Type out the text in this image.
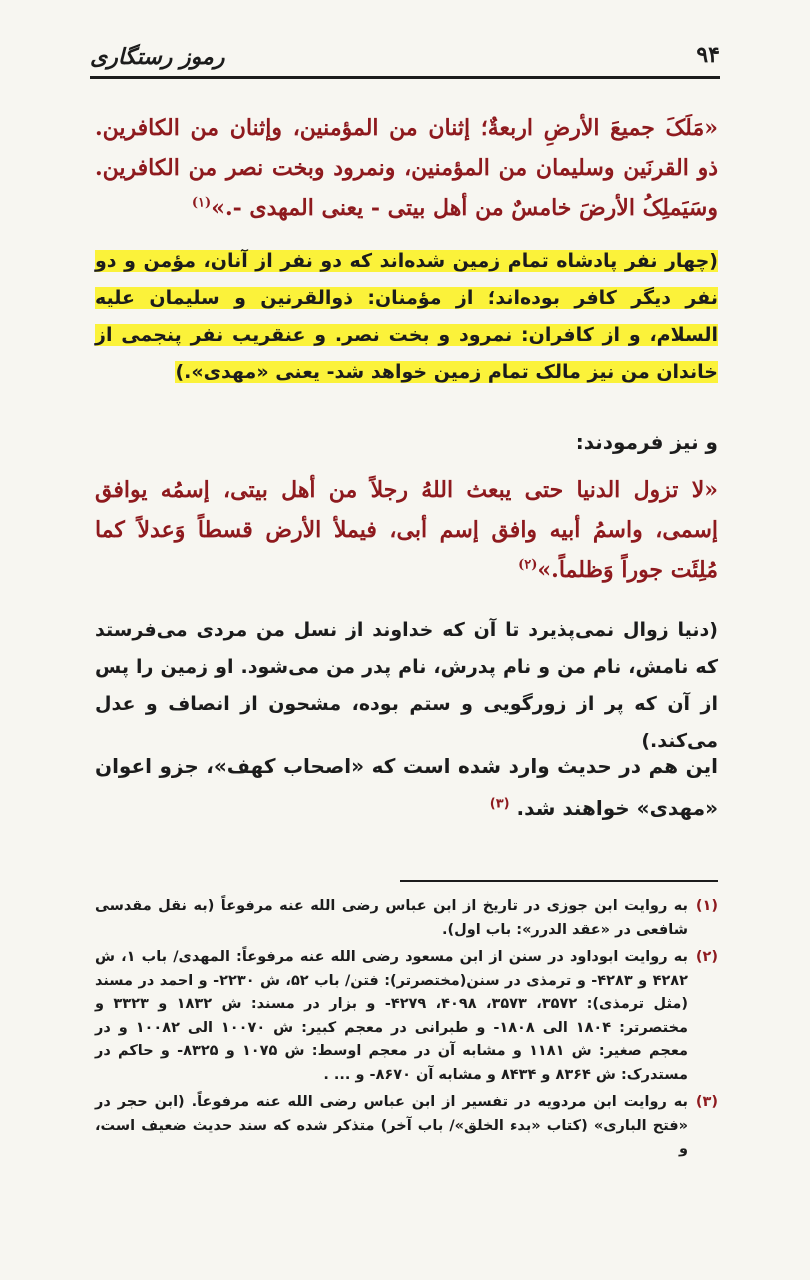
رموز رستگاری	۹۴
«مَلَکَ جمیعَ الأرضِ اربعةٌ؛ إثنان من المؤمنین، وإثنان من الکافرین. ذو القرنَین وسلیمان من المؤمنین، ونمرود وبخت نصر من الکافرین. وسَیَملِکُ الأرضَ خامسٌ من أهل بیتی - یعنی المهدی -.»$^{(۱)}$
(چهار نفر پادشاه تمام زمین شده‌اند که دو نفر از آنان، مؤمن و دو نفر دیگر کافر بوده‌اند؛ از مؤمنان: ذوالقرنین و سلیمان علیه السلام، و از کافران: نمرود و بخت نصر. و عنقریب نفر پنجمی از خاندان من نیز مالک تمام زمین خواهد شد- یعنی «مهدی».)
و نیز فرمودند:
«لا تزول الدنیا حتی یبعث اللهُ رجلاً من أهل بیتی، إسمُه یوافق إسمی، واسمُ أبیه وافق إسم أبی، فیملأ الأرض قسطاً وَعدلاً کما مُلِئَت جوراً وَظلماً.»$^{(۲)}$
(دنیا زوال نمی‌پذیرد تا آن که خداوند از نسل من مردی می‌فرستد که نامش، نام من و نام پدرش، نام پدر من می‌شود. او زمین را پس از آن که پر از زورگویی و ستم بوده، مشحون از انصاف و عدل می‌کند.)
این هم در حدیث وارد شده است که «اصحاب کهف»، جزو اعوان «مهدی» خواهند شد. $^{(۳)}$
(۱)
به روایت ابن جوزی در تاریخ از ابن عباس رضی الله عنه مرفوعاً (به نقل مقدسی شافعی در «عقد الدرر»: باب اول).
(۲)
به روایت ابوداود در سنن از ابن مسعود رضی الله عنه مرفوعاً: المهدی/ باب ۱، ش ۴۲۸۲ و ۴۲۸۳- و ترمذی در سنن(مختصرتر): فتن/ باب ۵۲، ش ۲۲۳۰- و احمد در مسند (مثل ترمذی): ۳۵۷۲، ۳۵۷۳، ۴۰۹۸، ۴۲۷۹- و بزار در مسند: ش ۱۸۳۲ و ۳۳۲۳ و مختصرتر: ۱۸۰۴ الی ۱۸۰۸- و طبرانی در معجم کبیر: ش ۱۰۰۷۰ الی ۱۰۰۸۲ و در معجم صغیر: ش ۱۱۸۱ و مشابه آن در معجم اوسط: ش ۱۰۷۵ و ۸۳۲۵- و حاکم در مستدرک: ش ۸۳۶۴ و ۸۴۳۴ و مشابه آن ۸۶۷۰- و ... .
(۳)
به روایت ابن مردویه در تفسیر از ابن عباس رضی الله عنه مرفوعاً. (ابن حجر در «فتح الباری» (کتاب «بدء الخلق»/ باب آخر) متذکر شده که سند حدیث ضعیف است، و
